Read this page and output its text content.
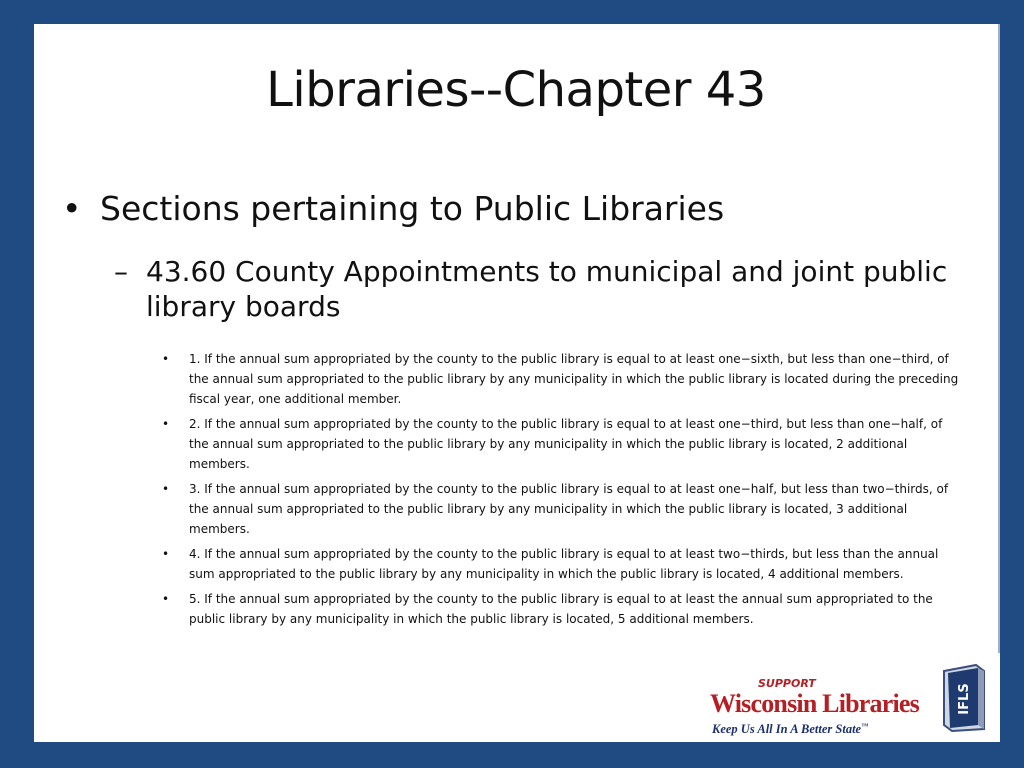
Libraries--Chapter 43
• Sections pertaining to Public Libraries
– 43.60 County Appointments to municipal and joint public library boards
• 1. If the annual sum appropriated by the county to the public library is equal to at least one−sixth, but less than one−third, of the annual sum appropriated to the public library by any municipality in which the public library is located during the preceding fiscal year, one additional member.
• 2. If the annual sum appropriated by the county to the public library is equal to at least one−third, but less than one−half, of the annual sum appropriated to the public library by any municipality in which the public library is located, 2 additional members.
• 3. If the annual sum appropriated by the county to the public library is equal to at least one−half, but less than two−thirds, of the annual sum appropriated to the public library by any municipality in which the public library is located, 3 additional members.
• 4. If the annual sum appropriated by the county to the public library is equal to at least two−thirds, but less than the annual sum appropriated to the public library by any municipality in which the public library is located, 4 additional members.
• 5. If the annual sum appropriated by the county to the public library is equal to at least the annual sum appropriated to the public library by any municipality in which the public library is located, 5 additional members.
SUPPORT
Wisconsin Libraries
Keep Us All In A Better State™
IFLS
